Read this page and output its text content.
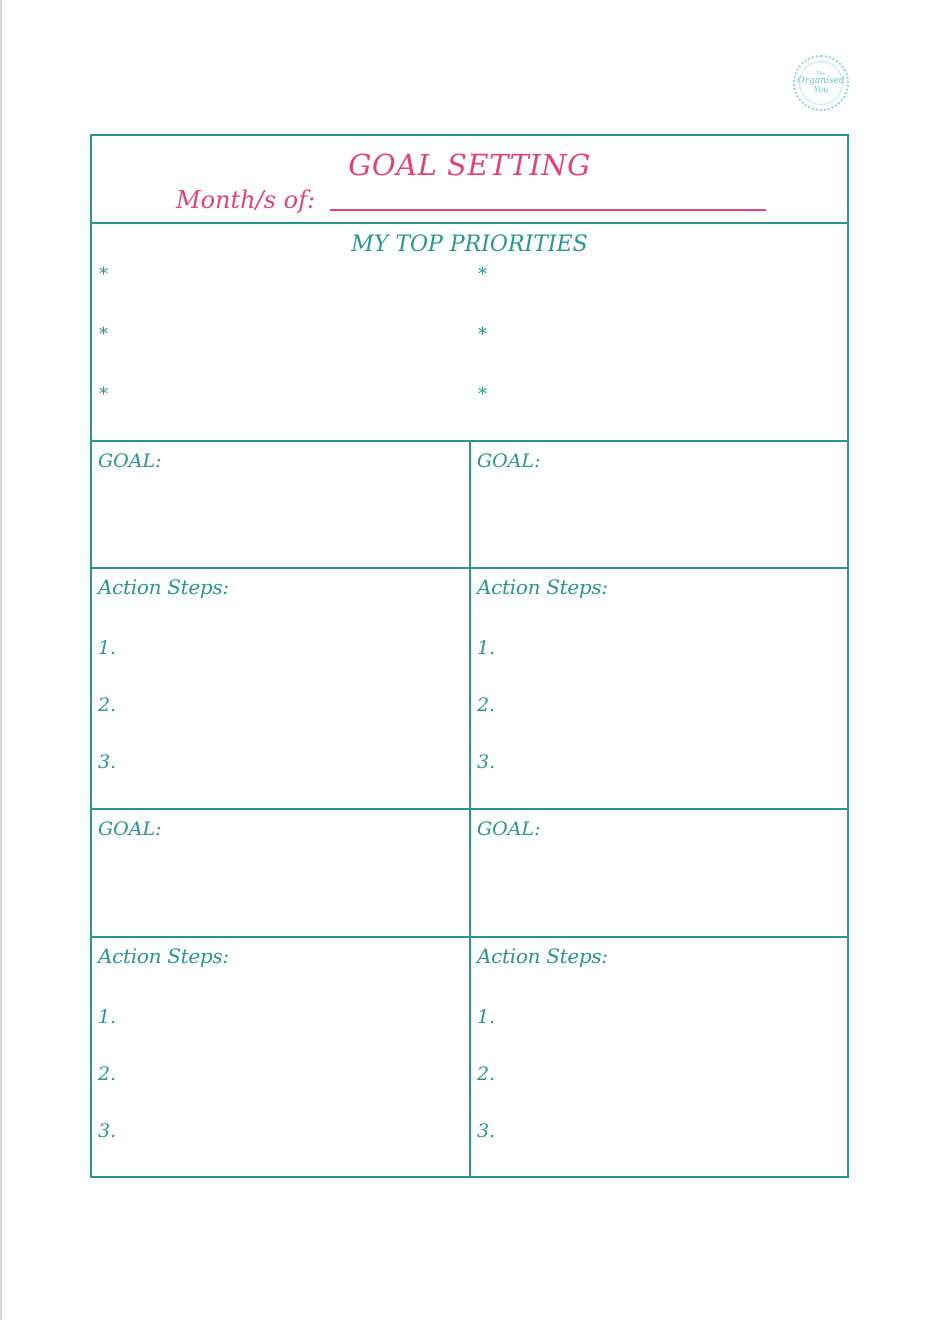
The
Organised
You
GOAL SETTING
Month/s of:
MY TOP PRIORITIES
*
*
*
*
*
*
GOAL:	GOAL:
Action Steps:
1.
2.
3.
Action Steps:
1.
2.
3.
GOAL:	GOAL:
Action Steps:
1.
2.
3.
Action Steps:
1.
2.
3.
